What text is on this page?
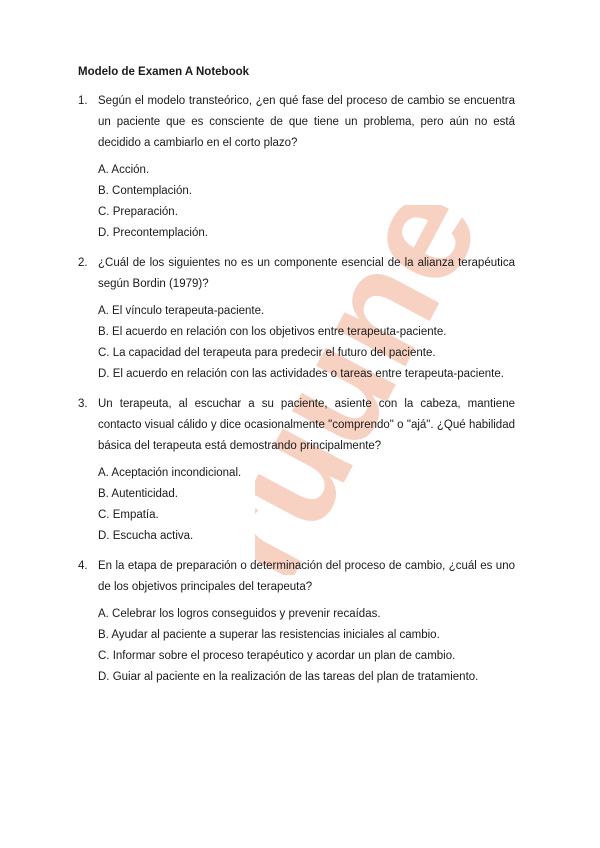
ruune
Modelo de Examen A Notebook
1. Según el modelo transteórico, ¿en qué fase del proceso de cambio se encuentra un paciente que es consciente de que tiene un problema, pero aún no está decidido a cambiarlo en el corto plazo?
A. Acción.
B. Contemplación.
C. Preparación.
D. Precontemplación.
2. ¿Cuál de los siguientes no es un componente esencial de la alianza terapéutica según Bordin (1979)?
A. El vínculo terapeuta-paciente.
B. El acuerdo en relación con los objetivos entre terapeuta-paciente.
C. La capacidad del terapeuta para predecir el futuro del paciente.
D. El acuerdo en relación con las actividades o tareas entre terapeuta-paciente.
3. Un terapeuta, al escuchar a su paciente, asiente con la cabeza, mantiene contacto visual cálido y dice ocasionalmente "comprendo" o "ajá". ¿Qué habilidad básica del terapeuta está demostrando principalmente?
A. Aceptación incondicional.
B. Autenticidad.
C. Empatía.
D. Escucha activa.
4. En la etapa de preparación o determinación del proceso de cambio, ¿cuál es uno de los objetivos principales del terapeuta?
A. Celebrar los logros conseguidos y prevenir recaídas.
B. Ayudar al paciente a superar las resistencias iniciales al cambio.
C. Informar sobre el proceso terapéutico y acordar un plan de cambio.
D. Guiar al paciente en la realización de las tareas del plan de tratamiento.
